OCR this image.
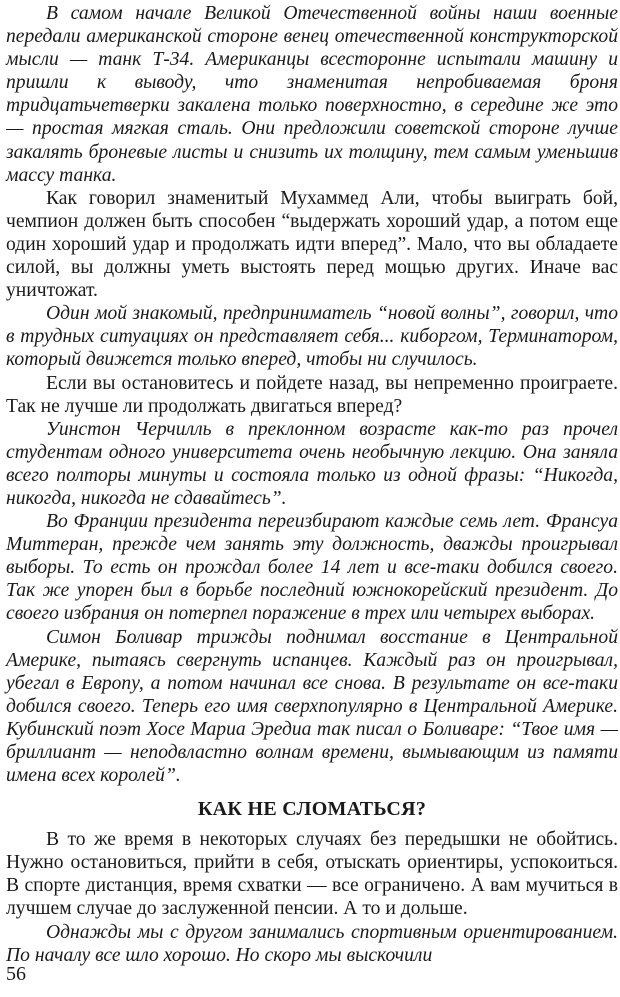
В самом начале Великой Отечественной войны наши военные передали американской стороне венец отечественной конструкторской мысли — танк Т-34. Американцы всесторонне испытали машину и пришли к выводу, что знаменитая непробиваемая броня тридцатьчетверки закалена только поверхностно, в середине же это — простая мягкая сталь. Они предложили советской стороне лучше закалять броневые листы и снизить их толщину, тем самым уменьшив массу танка.

Как говорил знаменитый Мухаммед Али, чтобы выиграть бой, чемпион должен быть способен “выдержать хороший удар, а потом еще один хороший удар и продолжать идти вперед”. Мало, что вы обладаете силой, вы должны уметь выстоять перед мощью других. Иначе вас уничтожат.

Один мой знакомый, предприниматель “новой волны”, говорил, что в трудных ситуациях он представляет себя... киборгом, Терминатором, который движется только вперед, чтобы ни случилось.

Если вы остановитесь и пойдете назад, вы непременно проиграете. Так не лучше ли продолжать двигаться вперед?

Уинстон Черчилль в преклонном возрасте как-то раз прочел студентам одного университета очень необычную лекцию. Она заняла всего полторы минуты и состояла только из одной фразы: “Никогда, никогда, никогда не сдавайтесь”.

Во Франции президента переизбирают каждые семь лет. Франсуа Миттеран, прежде чем занять эту должность, дважды проигрывал выборы. То есть он прождал более 14 лет и все-таки добился своего. Так же упорен был в борьбе последний южнокорейский президент. До своего избрания он потерпел поражение в трех или четырех выборах.

Симон Боливар трижды поднимал восстание в Центральной Америке, пытаясь свергнуть испанцев. Каждый раз он проигрывал, убегал в Европу, а потом начинал все снова. В результате он все-таки добился своего. Теперь его имя сверхпопулярно в Центральной Америке. Кубинский поэт Хосе Мариа Эредиа так писал о Боливаре: “Твое имя — бриллиант — неподвластно волнам времени, вымывающим из памяти имена всех королей”.

КАК НЕ СЛОМАТЬСЯ?

В то же время в некоторых случаях без передышки не обойтись. Нужно остановиться, прийти в себя, отыскать ориентиры, успокоиться. В спорте дистанция, время схватки — все ограничено. А вам мучиться в лучшем случае до заслуженной пенсии. А то и дольше.

Однажды мы с другом занимались спортивным ориентированием. По началу все шло хорошо. Но скоро мы выскочили

56
